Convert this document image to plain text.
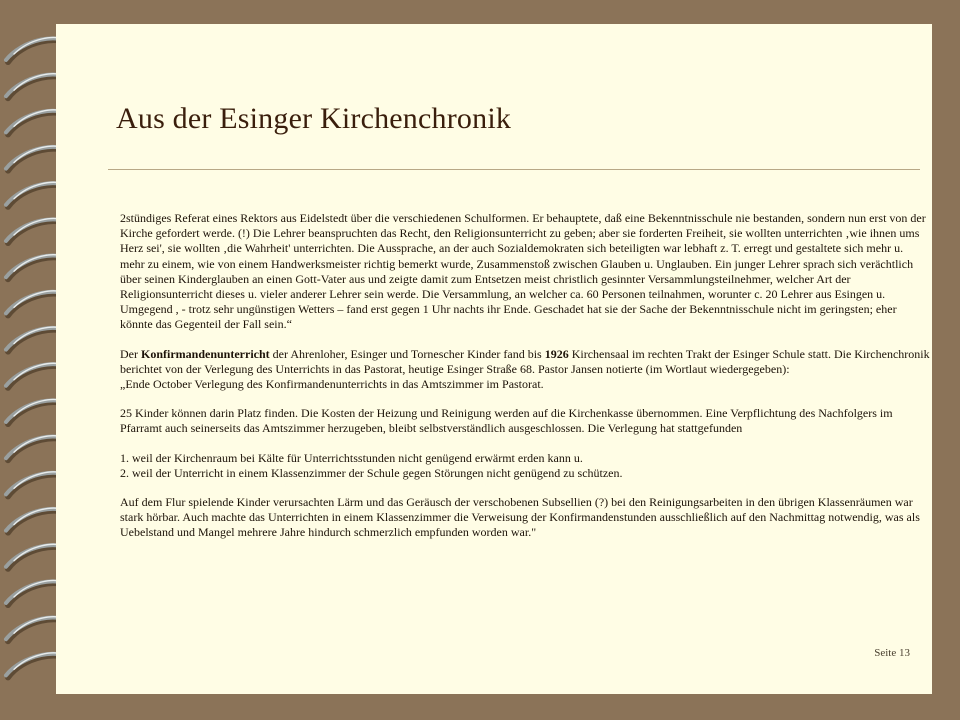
Aus der Esinger Kirchenchronik

2stündiges Referat eines Rektors aus Eidelstedt über die verschiedenen Schulformen. Er behauptete, daß eine Bekenntnisschule nie bestanden, sondern nun erst von der Kirche gefordert werde. (!) Die Lehrer beanspruchten das Recht, den Religionsunterricht zu geben; aber sie forderten Freiheit, sie wollten unterrichten ‚wie ihnen ums Herz sei', sie wollten ‚die Wahrheit' unterrichten. Die Aussprache, an der auch Sozialdemokraten sich beteiligten war lebhaft z. T. erregt und gestaltete sich mehr u. mehr zu einem, wie von einem Handwerksmeister richtig bemerkt wurde, Zusammenstoß zwischen Glauben u. Unglauben. Ein junger Lehrer sprach sich verächtlich über seinen Kinderglauben an einen Gott-Vater aus und zeigte damit zum Entsetzen meist christlich gesinnter Versammlungsteilnehmer, welcher Art der Religionsunterricht dieses u. vieler anderer Lehrer sein werde. Die Versammlung, an welcher ca. 60 Personen teilnahmen, worunter c. 20 Lehrer aus Esingen u. Umgegend , - trotz sehr ungünstigen Wetters – fand erst gegen 1 Uhr nachts ihr Ende. Geschadet hat sie der Sache der Bekenntnisschule nicht im geringsten; eher könnte das Gegenteil der Fall sein.“

Der Konfirmandenunterricht der Ahrenloher, Esinger und Tornescher Kinder fand bis 1926 Kirchensaal im rechten Trakt der Esinger Schule statt. Die Kirchenchronik berichtet von der Verlegung des Unterrichts in das Pastorat, heutige Esinger Straße 68. Pastor Jansen notierte (im Wortlaut wiedergegeben):

„Ende October Verlegung des Konfirmandenunterrichts in das Amtszimmer im Pastorat.

25 Kinder können darin Platz finden. Die Kosten der Heizung und Reinigung werden auf die Kirchenkasse übernommen. Eine Verpflichtung des Nachfolgers im Pfarramt auch seinerseits das Amtszimmer herzugeben, bleibt selbstverständlich ausgeschlossen. Die Verlegung hat stattgefunden

1. weil der Kirchenraum bei Kälte für Unterrichtsstunden nicht genügend erwärmt erden kann u.

2. weil der Unterricht in einem Klassenzimmer der Schule gegen Störungen nicht genügend zu schützen.

Auf dem Flur spielende Kinder verursachten Lärm und das Geräusch der verschobenen Subsellien (?) bei den Reinigungsarbeiten in den übrigen Klassenräumen war stark hörbar. Auch machte das Unterrichten in einem Klassenzimmer die Verweisung der Konfirmandenstunden ausschließlich auf den Nachmittag notwendig, was als Uebelstand und Mangel mehrere Jahre hindurch schmerzlich empfunden worden war."

Seite 13
